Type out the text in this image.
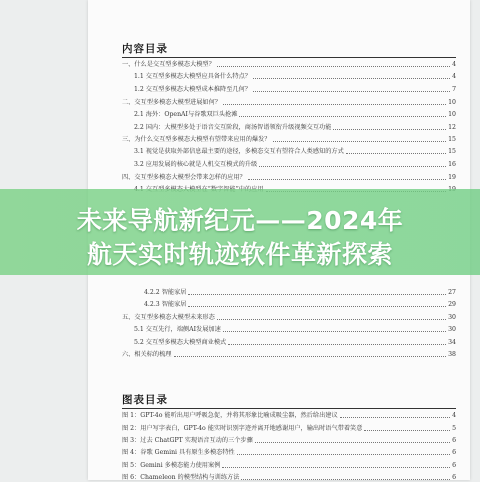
内容目录
一、什么是交互型多模态大模型？	4
1.1 交互型多模态大模型应具备什么特点？	4
1.2 交互型多模态大模型成本推降至几何？	7
二、交互型多模态大模型进展如何？	10
2.1 海外：OpenAI与谷歌双巨头抢滩	10
2.2 国内：大模型多处于语音交互阶段，商汤智谱领衔升级视频交互功能	12
三、为什么交互型多模态大模型有望带来应用的爆发？	15
3.1 视觉是获取外部信息最主要的途径，多模态交互有望符合人类感知的方式	15
3.2 应用发展的核心就是人机交互模式的升级	16
四、交互型多模态大模型会带来怎样的应用？	19
4.2.2 智能家居	27
4.2.3 智能家居	29
五、交互型多模态大模型未来形态	30
5.1 交互先行，端侧AI发展加速	30
5.2 交互型多模态大模型商业模式	34
六、相关标的梳理	38
图表目录
图 1：GPT-4o 能听出用户呼吸急促，并将其形象比喻成吸尘器，然后给出建议	4
图 2：用户写字表白，GPT-4o 能实时识别字迹并离开地感谢用户，输出时语气带着笑意	5
图 3：过去 ChatGPT 实现语音互动的三个步骤	6
图 4：谷歌 Gemini 具有原生多模态特性	6
图 5：Gemini 多模态能力使用案例	6
图 6：Chameleon 的模型结构与训练方法	6
未来导航新纪元——2024年
航天实时轨迹软件革新探索
